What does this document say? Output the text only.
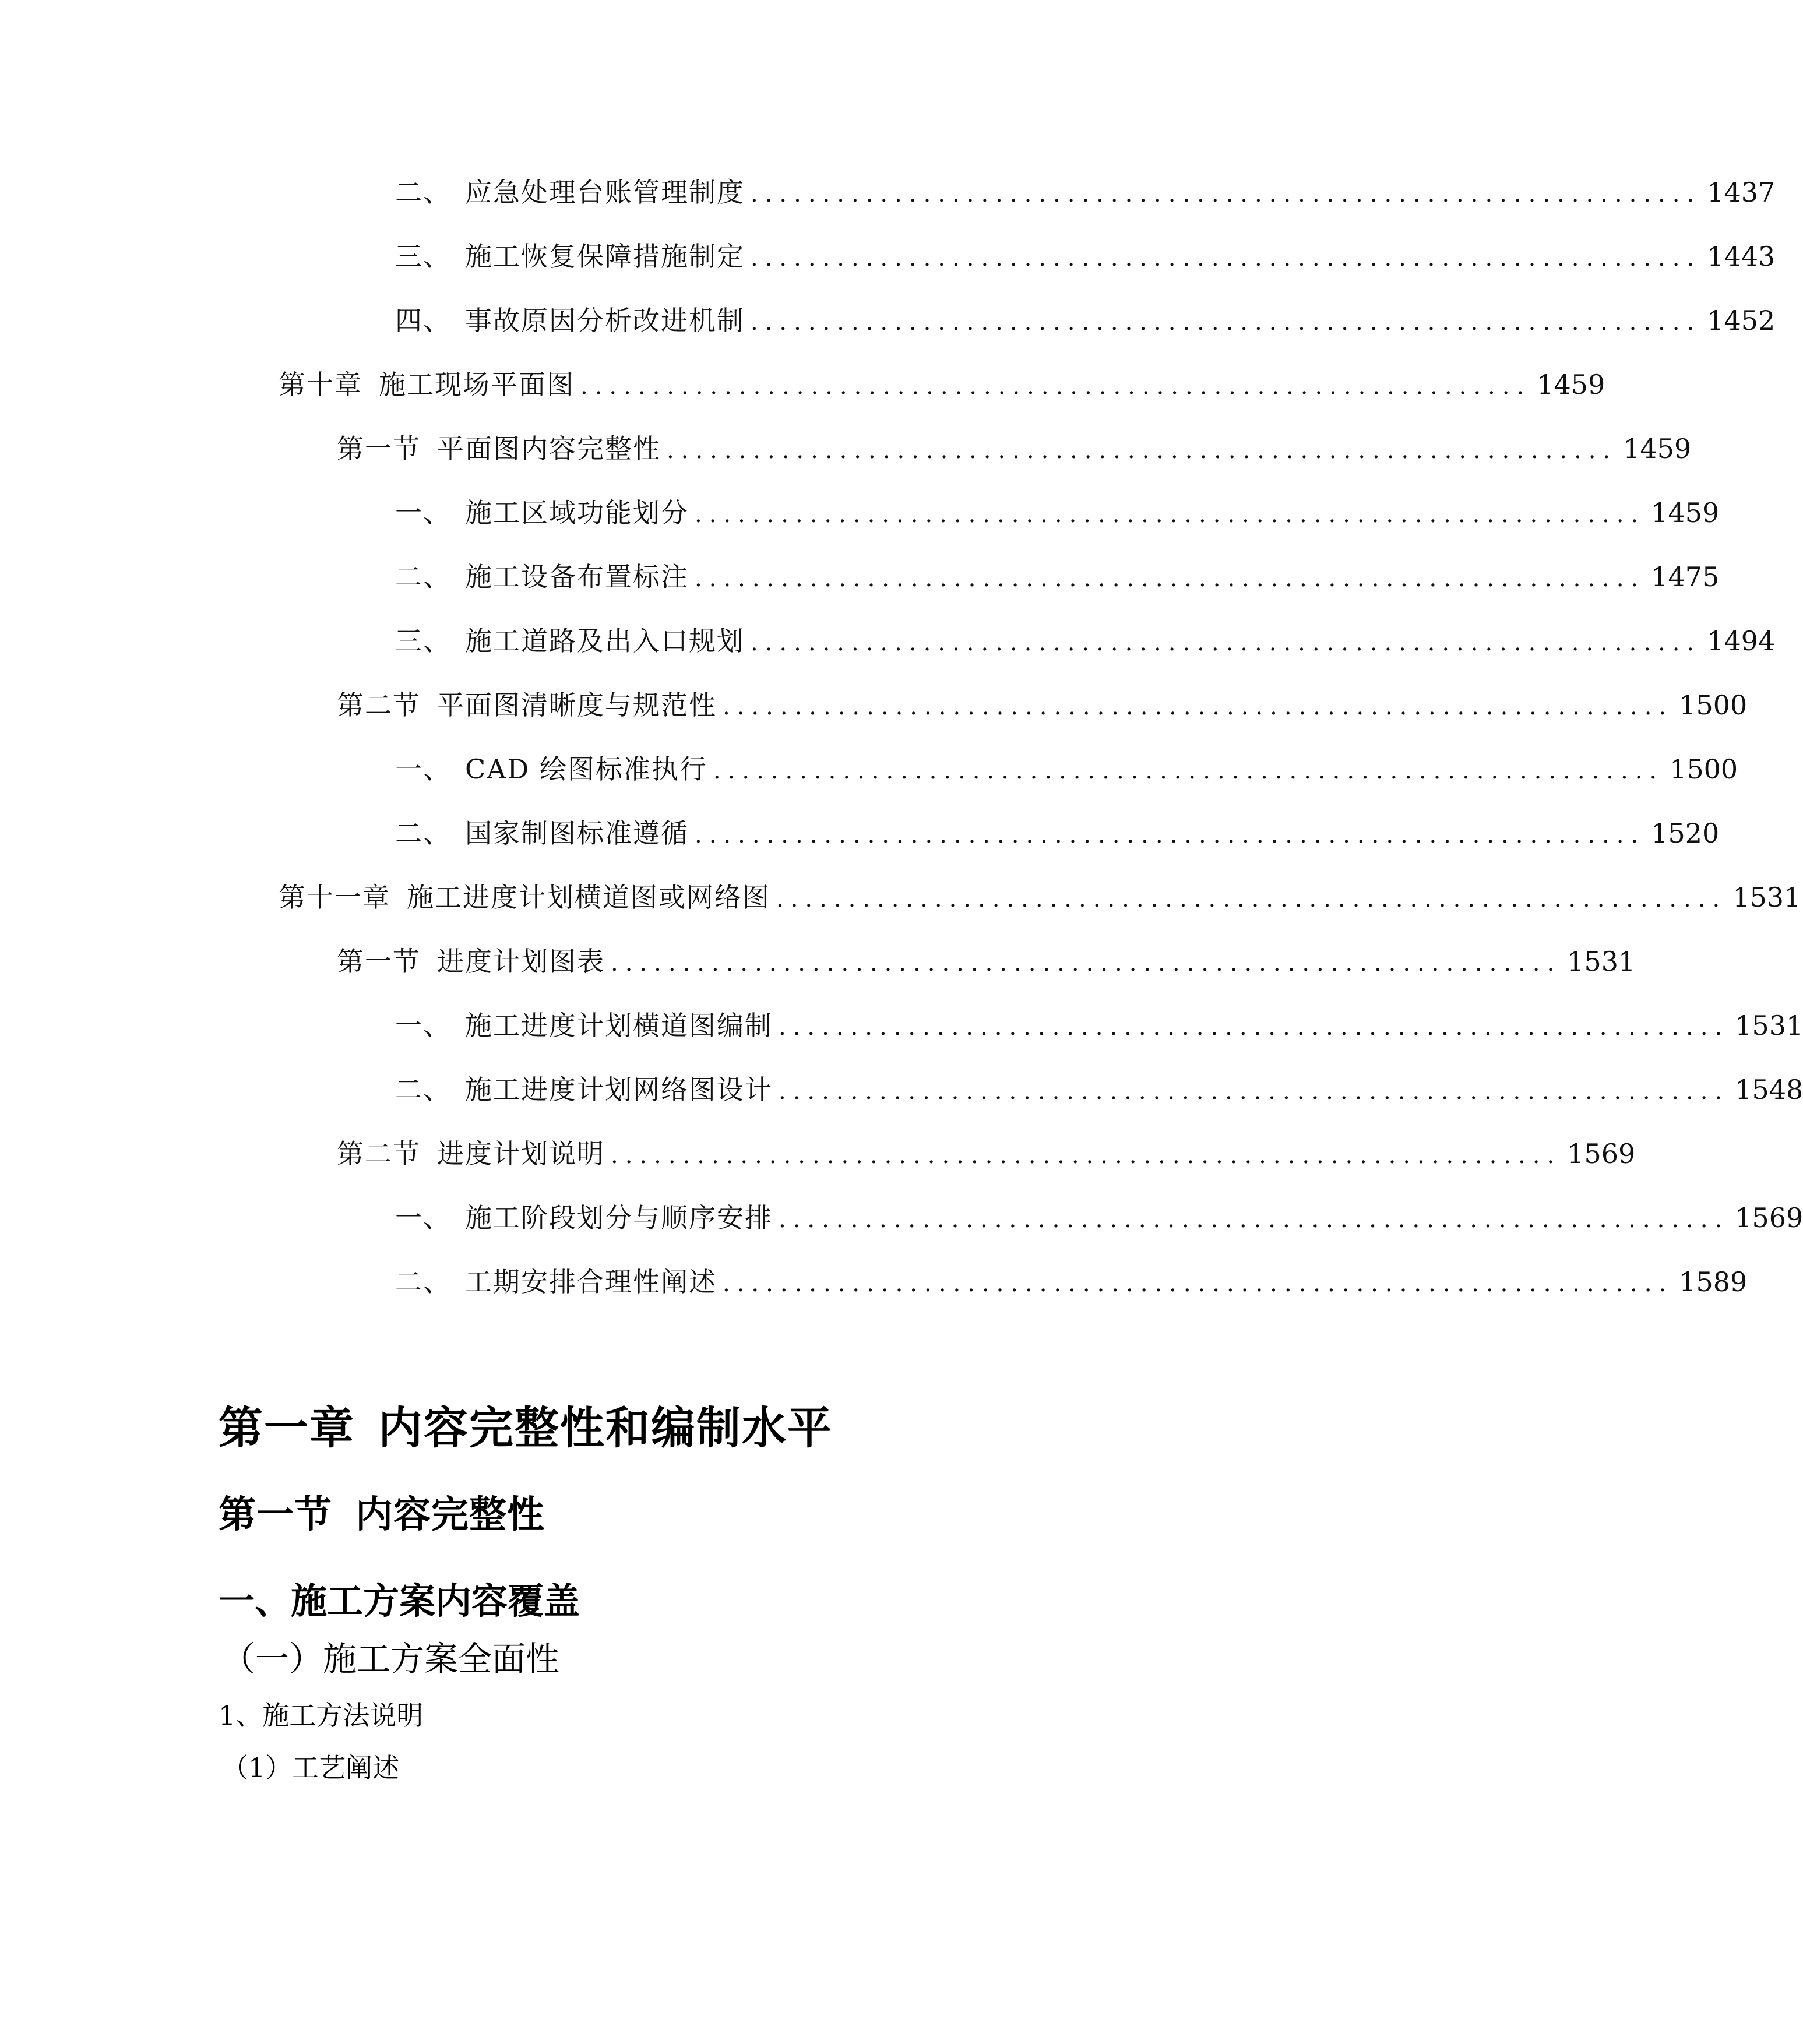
二、 应急处理台账管理制度 .................................................................. 1437
三、 施工恢复保障措施制定 .................................................................. 1443
四、 事故原因分析改进机制 .................................................................. 1452
第十章 施工现场平面图 .................................................................. 1459
第一节 平面图内容完整性 .................................................................. 1459
一、 施工区域功能划分 .................................................................. 1459
二、 施工设备布置标注 .................................................................. 1475
三、 施工道路及出入口规划 .................................................................. 1494
第二节 平面图清晰度与规范性 .................................................................. 1500
一、 CAD 绘图标准执行 .................................................................. 1500
二、 国家制图标准遵循 .................................................................. 1520
第十一章 施工进度计划横道图或网络图 .................................................................. 1531
第一节 进度计划图表 .................................................................. 1531
一、 施工进度计划横道图编制 .................................................................. 1531
二、 施工进度计划网络图设计 .................................................................. 1548
第二节 进度计划说明 .................................................................. 1569
一、 施工阶段划分与顺序安排 .................................................................. 1569
二、 工期安排合理性阐述 .................................................................. 1589
第一章 内容完整性和编制水平
第一节 内容完整性
一、施工方案内容覆盖
（一）施工方案全面性
1、施工方法说明
（1）工艺阐述
